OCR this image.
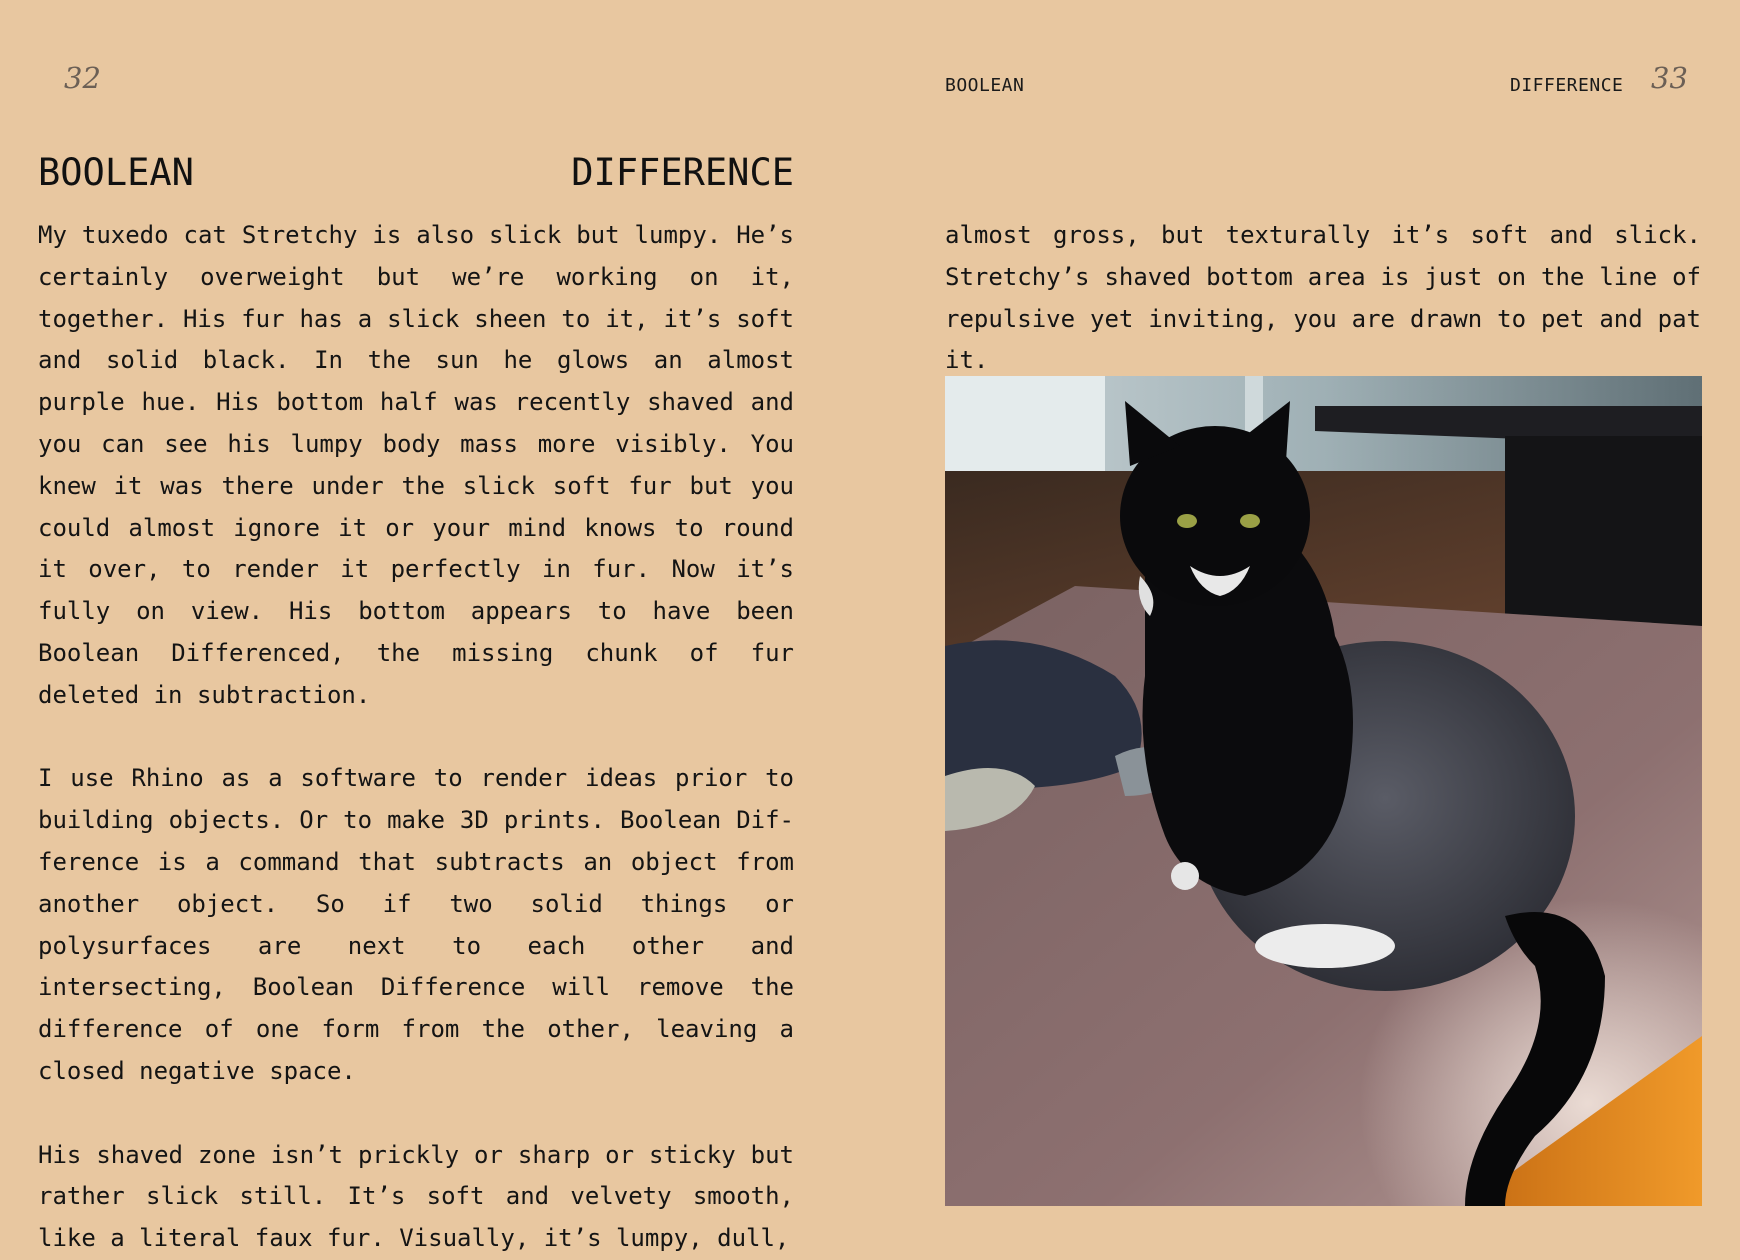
32
BOOLEAN	DIFFERENCE

My tuxedo cat Stretchy is also slick but lumpy. He’s certainly overweight but we’re working on it, together. His fur has a slick sheen to it, it’s soft and solid black. In the sun he glows an almost purple hue. His bottom half was recently shaved and you can see his lumpy body mass more visibly. You knew it was there under the slick soft fur but you could almost ignore it or your mind knows to round it over, to render it perfectly in fur. Now it’s fully on view. His bottom appears to have been Boolean Differenced, the missing chunk of fur deleted in subtraction.

I use Rhino as a software to render ideas prior to building objects. Or to make 3D prints. Boolean Difference is a command that subtracts an object from another object. So if two solid things or polysurfaces are next to each other and intersecting, Boolean Difference will remove the difference of one form from the other, leaving a closed negative space.

His shaved zone isn’t prickly or sharp or sticky but rather slick still. It’s soft and velvety smooth, like a literal faux fur. Visually, it’s lumpy, dull,

BOOLEAN	DIFFERENCE 33

almost gross, but texturally it’s soft and slick. Stretchy’s shaved bottom area is just on the line of repulsive yet inviting, you are drawn to pet and pat it.
